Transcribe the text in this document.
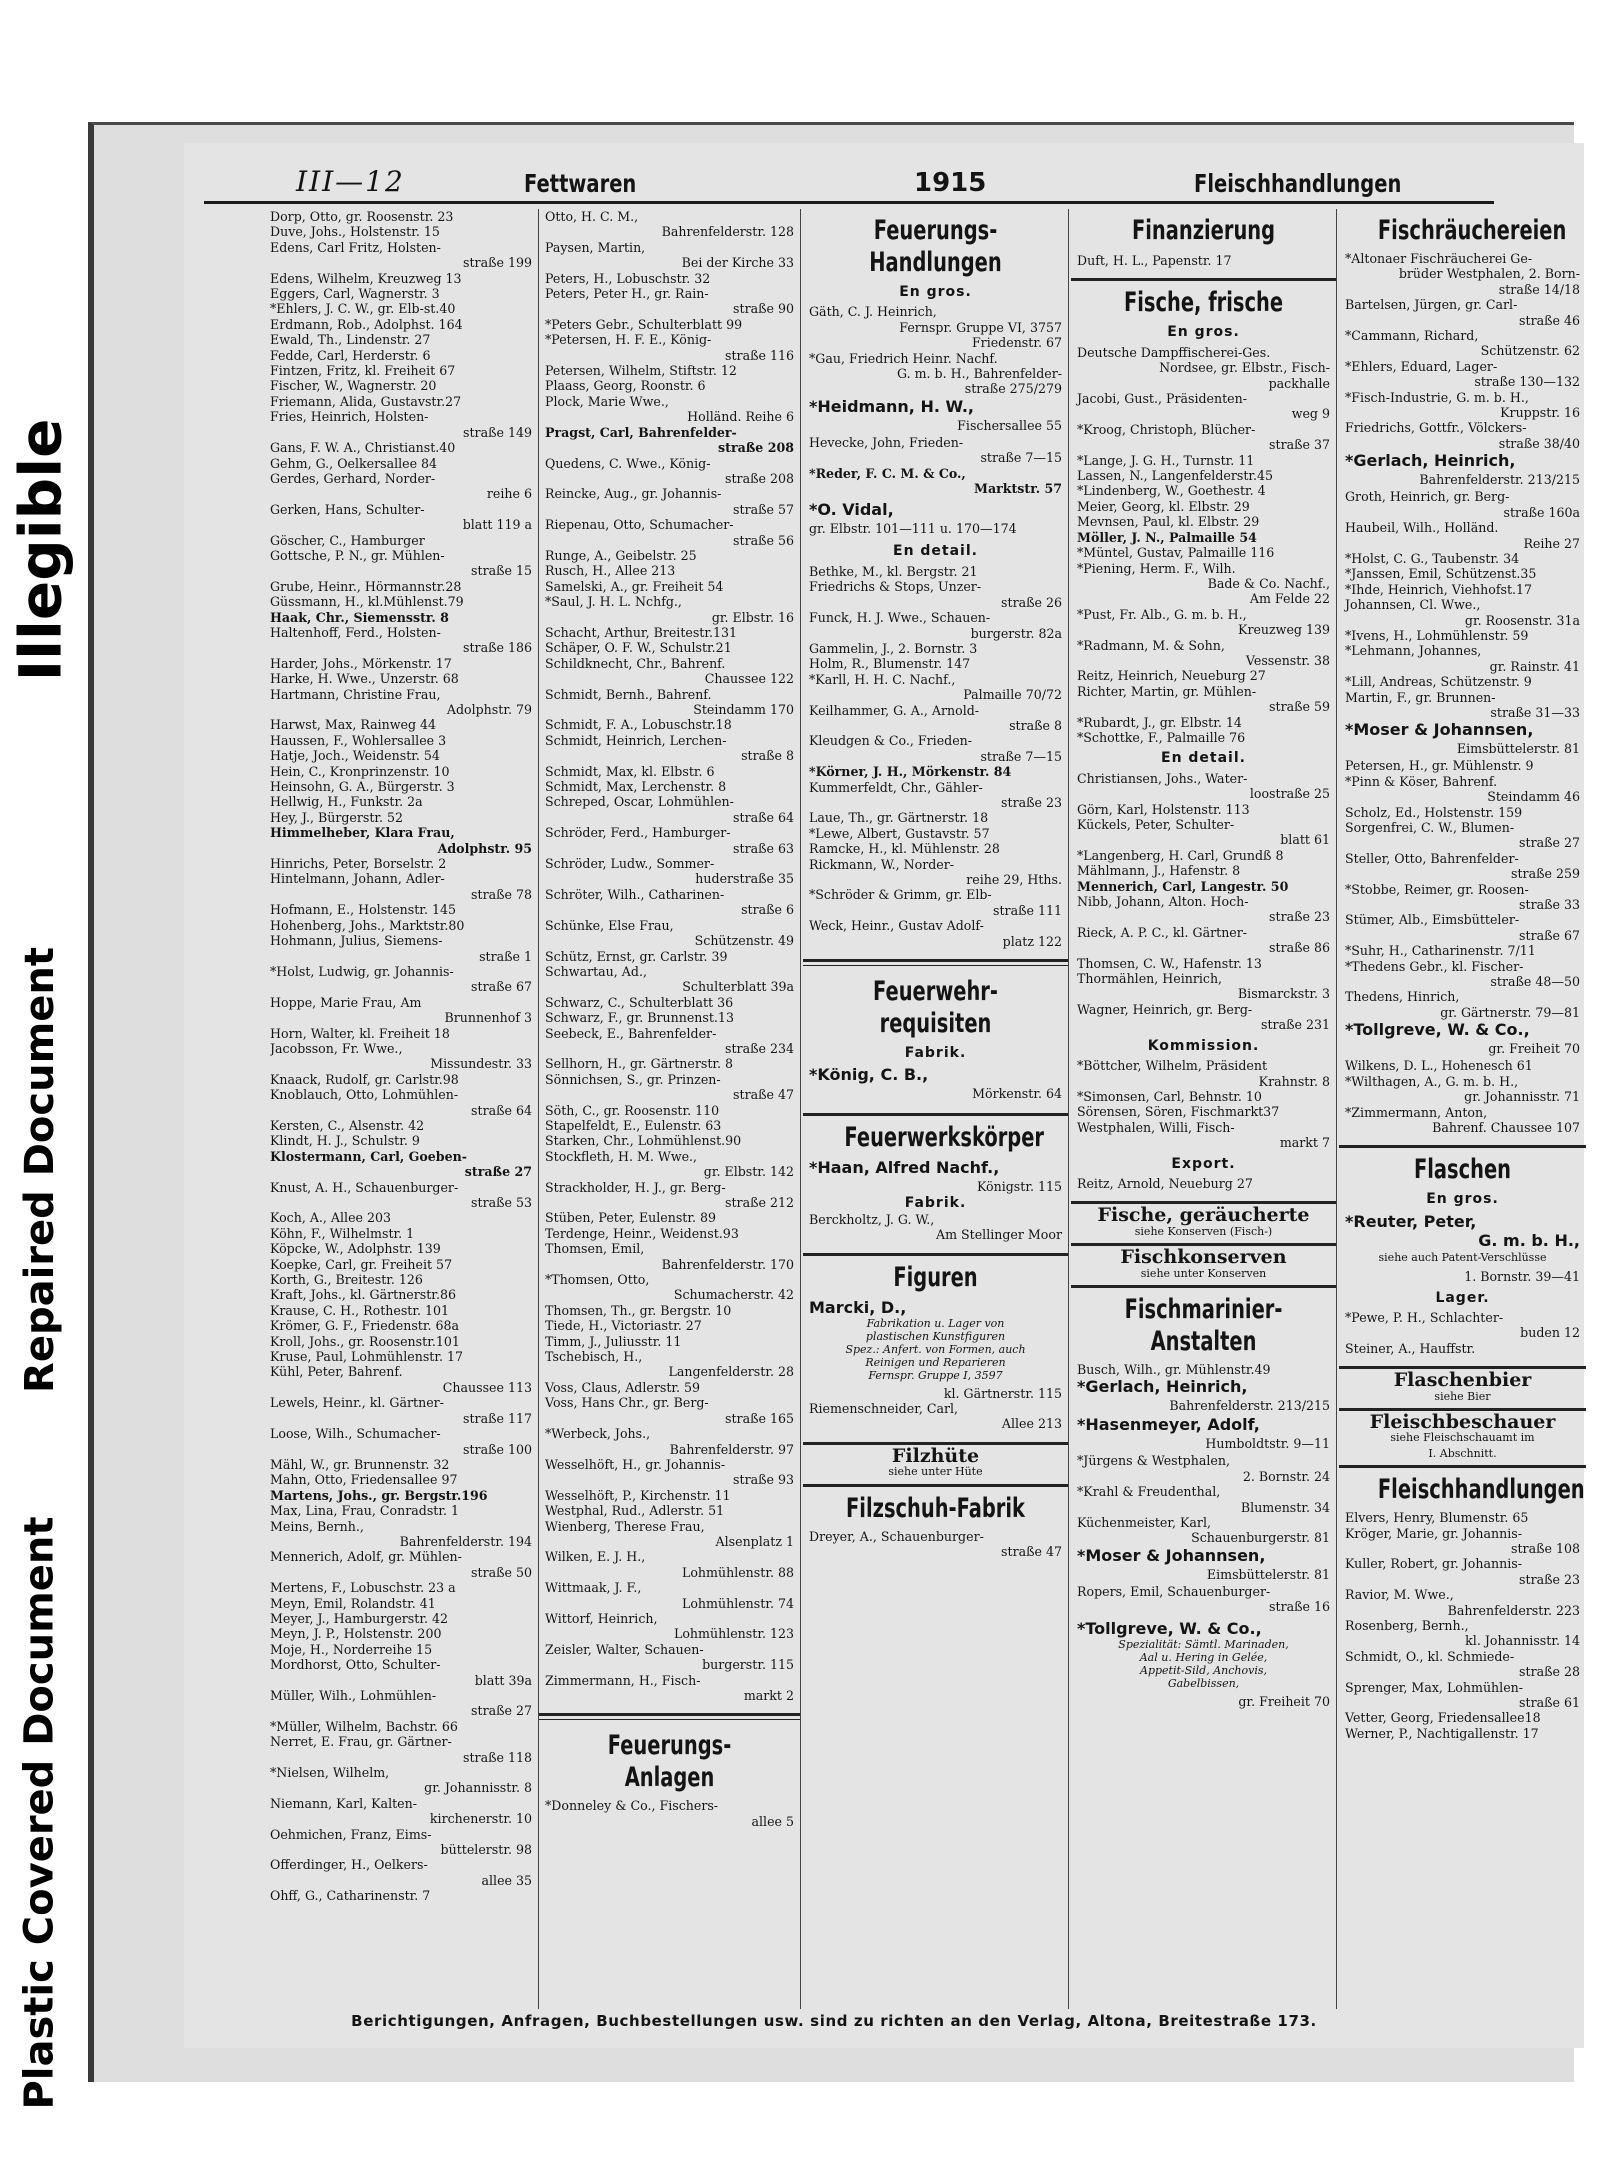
Illegible
Repaired Document
Plastic Covered Document
III—12	Fettwaren	1915	Fleischhandlungen
Dorp, Otto, gr. Roosenstr. 23
Duve, Johs., Holstenstr. 15
Edens, Carl Fritz, Holsten-
straße 199
Edens, Wilhelm, Kreuzweg 13
Eggers, Carl, Wagnerstr. 3
*Ehlers, J. C. W., gr. Elb-st.40
Erdmann, Rob., Adolphst. 164
Ewald, Th., Lindenstr. 27
Fedde, Carl, Herderstr. 6
Fintzen, Fritz, kl. Freiheit 67
Fischer, W., Wagnerstr. 20
Friemann, Alida, Gustavstr.27
Fries, Heinrich, Holsten-
straße 149
Gans, F. W. A., Christianst.40
Gehm, G., Oelkersallee 84
Gerdes, Gerhard, Norder-
reihe 6
Gerken, Hans, Schulter-
blatt 119 a
Göscher, C., Hamburger
Gottsche, P. N., gr. Mühlen-
straße 15
Grube, Heinr., Hörmannstr.28
Güssmann, H., kl.Mühlenst.79
Haak, Chr., Siemensstr. 8
Haltenhoff, Ferd., Holsten-
straße 186
Harder, Johs., Mörkenstr. 17
Harke, H. Wwe., Unzerstr. 68
Hartmann, Christine Frau,
Adolphstr. 79
Harwst, Max, Rainweg 44
Haussen, F., Wohlersallee 3
Hatje, Joch., Weidenstr. 54
Hein, C., Kronprinzenstr. 10
Heinsohn, G. A., Bürgerstr. 3
Hellwig, H., Funkstr. 2a
Hey, J., Bürgerstr. 52
Himmelheber, Klara Frau,
Adolphstr. 95
Hinrichs, Peter, Borselstr. 2
Hintelmann, Johann, Adler-
straße 78
Hofmann, E., Holstenstr. 145
Hohenberg, Johs., Marktstr.80
Hohmann, Julius, Siemens-
straße 1
*Holst, Ludwig, gr. Johannis-
straße 67
Hoppe, Marie Frau, Am
Brunnenhof 3
Horn, Walter, kl. Freiheit 18
Jacobsson, Fr. Wwe.,
Missundestr. 33
Knaack, Rudolf, gr. Carlstr.98
Knoblauch, Otto, Lohmühlen-
straße 64
Kersten, C., Alsenstr. 42
Klindt, H. J., Schulstr. 9
Klostermann, Carl, Goeben-
straße 27
Knust, A. H., Schauenburger-
straße 53
Koch, A., Allee 203
Köhn, F., Wilhelmstr. 1
Köpcke, W., Adolphstr. 139
Koepke, Carl, gr. Freiheit 57
Korth, G., Breitestr. 126
Kraft, Johs., kl. Gärtnerstr.86
Krause, C. H., Rothestr. 101
Krömer, G. F., Friedenstr. 68a
Kroll, Johs., gr. Roosenstr.101
Kruse, Paul, Lohmühlenstr. 17
Kühl, Peter, Bahrenf.
Chaussee 113
Lewels, Heinr., kl. Gärtner-
straße 117
Loose, Wilh., Schumacher-
straße 100
Mähl, W., gr. Brunnenstr. 32
Mahn, Otto, Friedensallee 97
Martens, Johs., gr. Bergstr.196
Max, Lina, Frau, Conradstr. 1
Meins, Bernh.,
Bahrenfelderstr. 194
Mennerich, Adolf, gr. Mühlen-
straße 50
Mertens, F., Lobuschstr. 23 a
Meyn, Emil, Rolandstr. 41
Meyer, J., Hamburgerstr. 42
Meyn, J. P., Holstenstr. 200
Moje, H., Norderreihe 15
Mordhorst, Otto, Schulter-
blatt 39a
Müller, Wilh., Lohmühlen-
straße 27
*Müller, Wilhelm, Bachstr. 66
Nerret, E. Frau, gr. Gärtner-
straße 118
*Nielsen, Wilhelm,
gr. Johannisstr. 8
Niemann, Karl, Kalten-
kirchenerstr. 10
Oehmichen, Franz, Eims-
büttelerstr. 98
Offerdinger, H., Oelkers-
allee 35
Ohff, G., Catharinenstr. 7
Otto, H. C. M.,
Bahrenfelderstr. 128
Paysen, Martin,
Bei der Kirche 33
Peters, H., Lobuschstr. 32
Peters, Peter H., gr. Rain-
straße 90
*Peters Gebr., Schulterblatt 99
*Petersen, H. F. E., König-
straße 116
Petersen, Wilhelm, Stiftstr. 12
Plaass, Georg, Roonstr. 6
Plock, Marie Wwe.,
Holländ. Reihe 6
Pragst, Carl, Bahrenfelder-
straße 208
Quedens, C. Wwe., König-
straße 208
Reincke, Aug., gr. Johannis-
straße 57
Riepenau, Otto, Schumacher-
straße 56
Runge, A., Geibelstr. 25
Rusch, H., Allee 213
Samelski, A., gr. Freiheit 54
*Saul, J. H. L. Nchfg.,
gr. Elbstr. 16
Schacht, Arthur, Breitestr.131
Schäper, O. F. W., Schulstr.21
Schildknecht, Chr., Bahrenf.
Chaussee 122
Schmidt, Bernh., Bahrenf.
Steindamm 170
Schmidt, F. A., Lobuschstr.18
Schmidt, Heinrich, Lerchen-
straße 8
Schmidt, Max, kl. Elbstr. 6
Schmidt, Max, Lerchenstr. 8
Schreped, Oscar, Lohmühlen-
straße 64
Schröder, Ferd., Hamburger-
straße 63
Schröder, Ludw., Sommer-
huderstraße 35
Schröter, Wilh., Catharinen-
straße 6
Schünke, Else Frau,
Schützenstr. 49
Schütz, Ernst, gr. Carlstr. 39
Schwartau, Ad.,
Schulterblatt 39a
Schwarz, C., Schulterblatt 36
Schwarz, F., gr. Brunnenst.13
Seebeck, E., Bahrenfelder-
straße 234
Sellhorn, H., gr. Gärtnerstr. 8
Sönnichsen, S., gr. Prinzen-
straße 47
Söth, C., gr. Roosenstr. 110
Stapelfeldt, E., Eulenstr. 63
Starken, Chr., Lohmühlenst.90
Stockfleth, H. M. Wwe.,
gr. Elbstr. 142
Strackholder, H. J., gr. Berg-
straße 212
Stüben, Peter, Eulenstr. 89
Terdenge, Heinr., Weidenst.93
Thomsen, Emil,
Bahrenfelderstr. 170
*Thomsen, Otto,
Schumacherstr. 42
Thomsen, Th., gr. Bergstr. 10
Tiede, H., Victoriastr. 27
Timm, J., Juliusstr. 11
Tschebisch, H.,
Langenfelderstr. 28
Voss, Claus, Adlerstr. 59
Voss, Hans Chr., gr. Berg-
straße 165
*Werbeck, Johs.,
Bahrenfelderstr. 97
Wesselhöft, H., gr. Johannis-
straße 93
Wesselhöft, P., Kirchenstr. 11
Westphal, Rud., Adlerstr. 51
Wienberg, Therese Frau,
Alsenplatz 1
Wilken, E. J. H.,
Lohmühlenstr. 88
Wittmaak, J. F.,
Lohmühlenstr. 74
Wittorf, Heinrich,
Lohmühlenstr. 123
Zeisler, Walter, Schauen-
burgerstr. 115
Zimmermann, H., Fisch-
markt 2
Feuerungs-
Anlagen
*Donneley & Co., Fischers-
allee 5
Feuerungs-
Handlungen
En gros.
Gäth, C. J. Heinrich,
Fernspr. Gruppe VI, 3757
Friedenstr. 67
*Gau, Friedrich Heinr. Nachf.
G. m. b. H., Bahrenfelder-
straße 275/279
*Heidmann, H. W.,
Fischersallee 55
Hevecke, John, Frieden-
straße 7—15
*Reder, F. C. M. & Co.,
Marktstr. 57
*O. Vidal,
gr. Elbstr. 101—111 u. 170—174
En detail.
Bethke, M., kl. Bergstr. 21
Friedrichs & Stops, Unzer-
straße 26
Funck, H. J. Wwe., Schauen-
burgerstr. 82a
Gammelin, J., 2. Bornstr. 3
Holm, R., Blumenstr. 147
*Karll, H. H. C. Nachf.,
Palmaille 70/72
Keilhammer, G. A., Arnold-
straße 8
Kleudgen & Co., Frieden-
straße 7—15
*Körner, J. H., Mörkenstr. 84
Kummerfeldt, Chr., Gähler-
straße 23
Laue, Th., gr. Gärtnerstr. 18
*Lewe, Albert, Gustavstr. 57
Ramcke, H., kl. Mühlenstr. 28
Rickmann, W., Norder-
reihe 29, Hths.
*Schröder & Grimm, gr. Elb-
straße 111
Weck, Heinr., Gustav Adolf-
platz 122
Feuerwehr-
requisiten
Fabrik.
*König, C. B.,
Mörkenstr. 64
Feuerwerkskörper
*Haan, Alfred Nachf.,
Königstr. 115
Fabrik.
Berckholtz, J. G. W.,
Am Stellinger Moor
Figuren
Marcki, D.,
Fabrikation u. Lager von
plastischen Kunstfiguren
Spez.: Anfert. von Formen, auch
Reinigen und Reparieren
Fernspr. Gruppe I, 3597
kl. Gärtnerstr. 115
Riemenschneider, Carl,
Allee 213
Filzhüte
siehe unter Hüte
Filzschuh-Fabrik
Dreyer, A., Schauenburger-
straße 47
Finanzierung
Duft, H. L., Papenstr. 17
Fische, frische
En gros.
Deutsche Dampffischerei-Ges.
Nordsee, gr. Elbstr., Fisch-
packhalle
Jacobi, Gust., Präsidenten-
weg 9
*Kroog, Christoph, Blücher-
straße 37
*Lange, J. G. H., Turnstr. 11
Lassen, N., Langenfelderstr.45
*Lindenberg, W., Goethestr. 4
Meier, Georg, kl. Elbstr. 29
Mevnsen, Paul, kl. Elbstr. 29
Möller, J. N., Palmaille 54
*Müntel, Gustav, Palmaille 116
*Piening, Herm. F., Wilh.
Bade & Co. Nachf.,
Am Felde 22
*Pust, Fr. Alb., G. m. b. H.,
Kreuzweg 139
*Radmann, M. & Sohn,
Vessenstr. 38
Reitz, Heinrich, Neueburg 27
Richter, Martin, gr. Mühlen-
straße 59
*Rubardt, J., gr. Elbstr. 14
*Schottke, F., Palmaille 76
En detail.
Christiansen, Johs., Water-
loostraße 25
Görn, Karl, Holstenstr. 113
Kückels, Peter, Schulter-
blatt 61
*Langenberg, H. Carl, Grundß 8
Mählmann, J., Hafenstr. 8
Mennerich, Carl, Langestr. 50
Nibb, Johann, Alton. Hoch-
straße 23
Rieck, A. P. C., kl. Gärtner-
straße 86
Thomsen, C. W., Hafenstr. 13
Thormählen, Heinrich,
Bismarckstr. 3
Wagner, Heinrich, gr. Berg-
straße 231
Kommission.
*Böttcher, Wilhelm, Präsident
Krahnstr. 8
*Simonsen, Carl, Behnstr. 10
Sörensen, Sören, Fischmarkt37
Westphalen, Willi, Fisch-
markt 7
Export.
Reitz, Arnold, Neueburg 27
Fische, geräucherte
siehe Konserven (Fisch-)
Fischkonserven
siehe unter Konserven
Fischmarinier-
Anstalten
Busch, Wilh., gr. Mühlenstr.49
*Gerlach, Heinrich,
Bahrenfelderstr. 213/215
*Hasenmeyer, Adolf,
Humboldtstr. 9—11
*Jürgens & Westphalen,
2. Bornstr. 24
*Krahl & Freudenthal,
Blumenstr. 34
Küchenmeister, Karl,
Schauenburgerstr. 81
*Moser & Johannsen,
Eimsbüttelerstr. 81
Ropers, Emil, Schauenburger-
straße 16
*Tollgreve, W. & Co.,
Spezialität: Sämtl. Marinaden,
Aal u. Hering in Gelée,
Appetit-Sild, Anchovis,
Gabelbissen,
gr. Freiheit 70
Fischräuchereien
*Altonaer Fischräucherei Ge-
brüder Westphalen, 2. Born-
straße 14/18
Bartelsen, Jürgen, gr. Carl-
straße 46
*Cammann, Richard,
Schützenstr. 62
*Ehlers, Eduard, Lager-
straße 130—132
*Fisch-Industrie, G. m. b. H.,
Kruppstr. 16
Friedrichs, Gottfr., Völckers-
straße 38/40
*Gerlach, Heinrich,
Bahrenfelderstr. 213/215
Groth, Heinrich, gr. Berg-
straße 160a
Haubeil, Wilh., Holländ.
Reihe 27
*Holst, C. G., Taubenstr. 34
*Janssen, Emil, Schützenst.35
*Ihde, Heinrich, Viehhofst.17
Johannsen, Cl. Wwe.,
gr. Roosenstr. 31a
*Ivens, H., Lohmühlenstr. 59
*Lehmann, Johannes,
gr. Rainstr. 41
*Lill, Andreas, Schützenstr. 9
Martin, F., gr. Brunnen-
straße 31—33
*Moser & Johannsen,
Eimsbüttelerstr. 81
Petersen, H., gr. Mühlenstr. 9
*Pinn & Köser, Bahrenf.
Steindamm 46
Scholz, Ed., Holstenstr. 159
Sorgenfrei, C. W., Blumen-
straße 27
Steller, Otto, Bahrenfelder-
straße 259
*Stobbe, Reimer, gr. Roosen-
straße 33
Stümer, Alb., Eimsbütteler-
straße 67
*Suhr, H., Catharinenstr. 7/11
*Thedens Gebr., kl. Fischer-
straße 48—50
Thedens, Hinrich,
gr. Gärtnerstr. 79—81
*Tollgreve, W. & Co.,
gr. Freiheit 70
Wilkens, D. L., Hohenesch 61
*Wilthagen, A., G. m. b. H.,
gr. Johannisstr. 71
*Zimmermann, Anton,
Bahrenf. Chaussee 107
Flaschen
En gros.
*Reuter, Peter,
G. m. b. H.,
siehe auch Patent-Verschlüsse
1. Bornstr. 39—41
Lager.
*Pewe, P. H., Schlachter-
buden 12
Steiner, A., Hauffstr.
Flaschenbier
siehe Bier
Fleischbeschauer
siehe Fleischschauamt im
I. Abschnitt.
Fleischhandlungen
Elvers, Henry, Blumenstr. 65
Kröger, Marie, gr. Johannis-
straße 108
Kuller, Robert, gr. Johannis-
straße 23
Ravior, M. Wwe.,
Bahrenfelderstr. 223
Rosenberg, Bernh.,
kl. Johannisstr. 14
Schmidt, O., kl. Schmiede-
straße 28
Sprenger, Max, Lohmühlen-
straße 61
Vetter, Georg, Friedensallee18
Werner, P., Nachtigallenstr. 17
Berichtigungen, Anfragen, Buchbestellungen usw. sind zu richten an den Verlag, Altona, Breitestraße 173.
